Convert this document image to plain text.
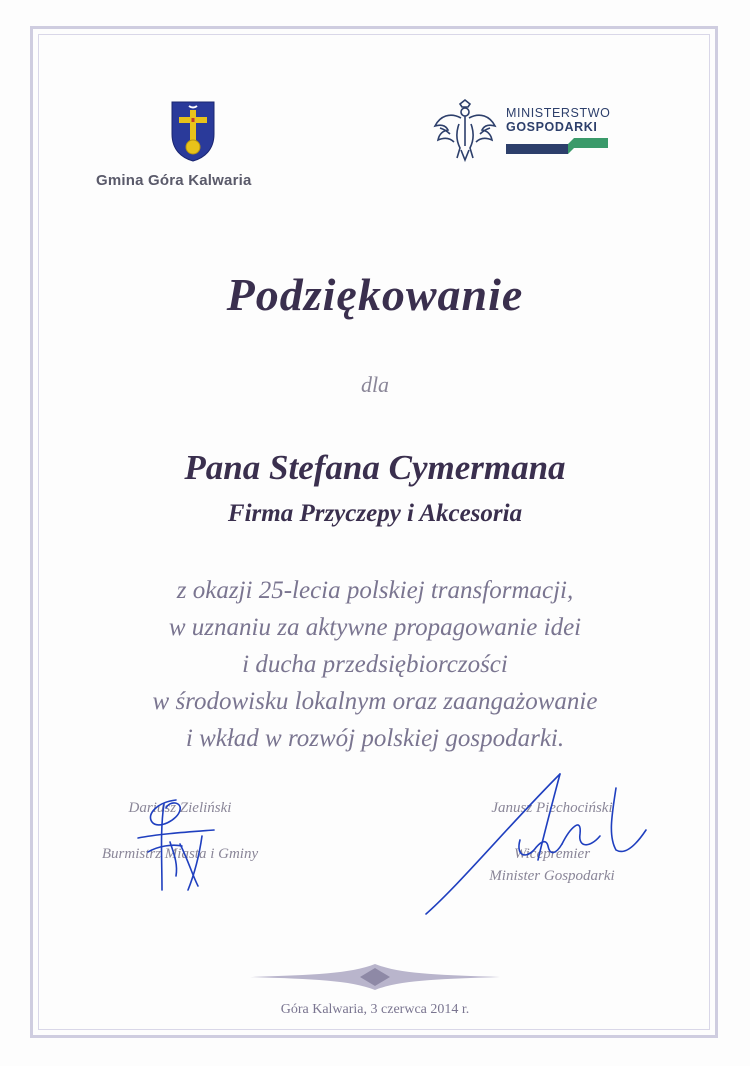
Gmina Góra Kalwaria
MINISTERSTWO
GOSPODARKI
Podziękowanie
dla
Pana Stefana Cymermana
Firma Przyczepy i Akcesoria
z okazji 25-lecia polskiej transformacji,
w uznaniu za aktywne propagowanie idei
i ducha przedsiębiorczości
w środowisku lokalnym oraz zaangażowanie
i wkład w rozwój polskiej gospodarki.
Dariusz Zieliński
Burmistrz Miasta i Gminy
Janusz Piechociński
Wicepremier
Minister Gospodarki
Góra Kalwaria, 3 czerwca 2014 r.
